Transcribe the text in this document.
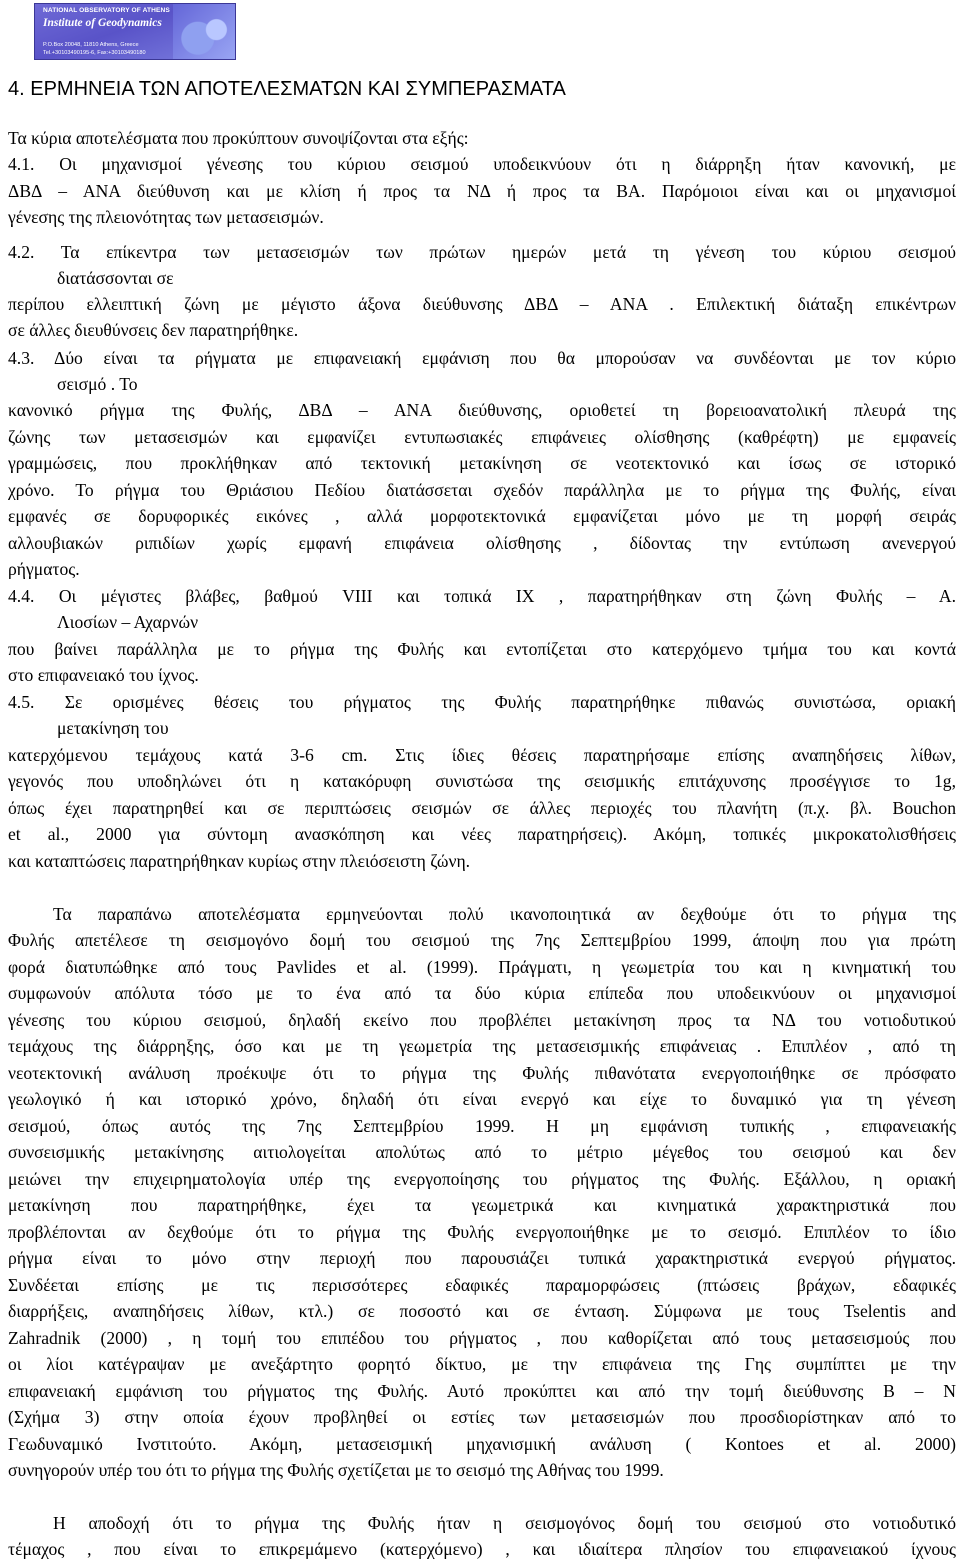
NATIONAL OBSERVATORY OF ATHENS
Institute of Geodynamics
P.O.Box 20048, 11810 Athens, Greece
Tel.+30103490195-6, Fax:+30103490180
4. ΕΡΜΗΝΕΙΑ ΤΩΝ ΑΠΟΤΕΛΕΣΜΑΤΩΝ ΚΑΙ ΣΥΜΠΕΡΑΣΜΑΤΑ
Τα κύρια αποτελέσματα που προκύπτουν συνοψίζονται στα εξής:
4.1. Οι μηχανισμοί γένεσης του κύριου σεισμού υποδεικνύουν ότι η διάρρηξη ήταν κανονική, με
ΔΒΔ – ΑΝΑ διεύθυνση και με κλίση ή προς τα ΝΔ ή προς τα ΒΑ. Παρόμοιοι είναι και οι μηχανισμοί
γένεσης της πλειονότητας των μετασεισμών.
4.2. Τα επίκεντρα των μετασεισμών των πρώτων ημερών μετά τη γένεση του κύριου σεισμού
διατάσσονται σε
περίπου ελλειπτική ζώνη με μέγιστο άξονα διεύθυνσης ΔΒΔ – ΑΝΑ . Επιλεκτική διάταξη επικέντρων
σε άλλες διευθύνσεις δεν παρατηρήθηκε.
4.3. Δύο είναι τα ρήγματα με επιφανειακή εμφάνιση που θα μπορούσαν να συνδέονται με τον κύριο
σεισμό . Το
κανονικό ρήγμα της Φυλής, ΔΒΔ – ΑΝΑ διεύθυνσης, οριοθετεί τη βορειοανατολική πλευρά της
ζώνης των μετασεισμών και εμφανίζει εντυπωσιακές επιφάνειες ολίσθησης (καθρέφτη) με εμφανείς
γραμμώσεις, που προκλήθηκαν από τεκτονική μετακίνηση σε νεοτεκτονικό και ίσως σε ιστορικό
χρόνο. Το ρήγμα του Θριάσιου Πεδίου διατάσσεται σχεδόν παράλληλα με το ρήγμα της Φυλής, είναι
εμφανές σε δορυφορικές εικόνες , αλλά μορφοτεκτονικά εμφανίζεται μόνο με τη μορφή σειράς
αλλουβιακών ριπιδίων χωρίς εμφανή επιφάνεια ολίσθησης , δίδοντας την εντύπωση ανενεργού
ρήγματος.
4.4. Οι μέγιστες βλάβες, βαθμού VIII και τοπικά IX , παρατηρήθηκαν στη ζώνη Φυλής – Α.
Λιοσίων – Αχαρνών
που βαίνει παράλληλα με το ρήγμα της Φυλής και εντοπίζεται στο κατερχόμενο τμήμα του και κοντά
στο επιφανειακό του ίχνος.
4.5. Σε ορισμένες θέσεις του ρήγματος της Φυλής παρατηρήθηκε πιθανώς συνιστώσα, οριακή
μετακίνηση του
κατερχόμενου τεμάχους κατά 3-6 cm. Στις ίδιες θέσεις παρατηρήσαμε επίσης αναπηδήσεις λίθων,
γεγονός που υποδηλώνει ότι η κατακόρυφη συνιστώσα της σεισμικής επιτάχυνσης προσέγγισε το 1g,
όπως έχει παρατηρηθεί και σε περιπτώσεις σεισμών σε άλλες περιοχές του πλανήτη (π.χ. βλ. Bouchon
et al., 2000 για σύντομη ανασκόπηση και νέες παρατηρήσεις). Ακόμη, τοπικές μικροκατολισθήσεις
και καταπτώσεις παρατηρήθηκαν κυρίως στην πλειόσειστη ζώνη.
Τα παραπάνω αποτελέσματα ερμηνεύονται πολύ ικανοποιητικά αν δεχθούμε ότι το ρήγμα της
Φυλής απετέλεσε τη σεισμογόνο δομή του σεισμού της 7ης Σεπτεμβρίου 1999, άποψη που για πρώτη
φορά διατυπώθηκε από τους Pavlides et al. (1999). Πράγματι, η γεωμετρία του και η κινηματική του
συμφωνούν απόλυτα τόσο με το ένα από τα δύο κύρια επίπεδα που υποδεικνύουν οι μηχανισμοί
γένεσης του κύριου σεισμού, δηλαδή εκείνο που προβλέπει μετακίνηση προς τα ΝΔ του νοτιοδυτικού
τεμάχους της διάρρηξης, όσο και με τη γεωμετρία της μετασεισμικής επιφάνειας . Επιπλέον , από τη
νεοτεκτονική ανάλυση προέκυψε ότι το ρήγμα της Φυλής πιθανότατα ενεργοποιήθηκε σε πρόσφατο
γεωλογικό ή και ιστορικό χρόνο, δηλαδή ότι είναι ενεργό και είχε το δυναμικό για τη γένεση
σεισμού, όπως αυτός της 7ης Σεπτεμβρίου 1999. Η μη εμφάνιση τυπικής , επιφανειακής
συνσεισμικής μετακίνησης αιτιολογείται απολύτως από το μέτριο μέγεθος του σεισμού και δεν
μειώνει την επιχειρηματολογία υπέρ της ενεργοποίησης του ρήγματος της Φυλής. Εξάλλου, η οριακή
μετακίνηση που παρατηρήθηκε, έχει τα γεωμετρικά και κινηματικά χαρακτηριστικά που
προβλέπονται αν δεχθούμε ότι το ρήγμα της Φυλής ενεργοποιήθηκε με το σεισμό. Επιπλέον το ίδιο
ρήγμα είναι το μόνο στην περιοχή που παρουσιάζει τυπικά χαρακτηριστικά ενεργού ρήγματος.
Συνδέεται επίσης με τις περισσότερες εδαφικές παραμορφώσεις (πτώσεις βράχων, εδαφικές
διαρρήξεις, αναπηδήσεις λίθων, κτλ.) σε ποσοστό και σε ένταση. Σύμφωνα με τους Tselentis and
Zahradnik (2000) , η τομή του επιπέδου του ρήγματος , που καθορίζεται από τους μετασεισμούς που
οι λίοι κατέγραψαν με ανεξάρτητο φορητό δίκτυο, με την επιφάνεια της Γης συμπίπτει με την
επιφανειακή εμφάνιση του ρήγματος της Φυλής. Αυτό προκύπτει και από την τομή διεύθυνσης Β – Ν
(Σχήμα 3) στην οποία έχουν προβληθεί οι εστίες των μετασεισμών που προσδιορίστηκαν από το
Γεωδυναμικό Ινστιτούτο. Ακόμη, μετασεισμική μηχανισμική ανάλυση ( Kontoes et al. 2000)
συνηγορούν υπέρ του ότι το ρήγμα της Φυλής σχετίζεται με το σεισμό της Αθήνας του 1999.
Η αποδοχή ότι το ρήγμα της Φυλής ήταν η σεισμογόνος δομή του σεισμού στο νοτιοδυτικό
τέμαχος , που είναι το επικρεμάμενο (κατερχόμενο) , και ιδιαίτερα πλησίον του επιφανειακού ίχνους
